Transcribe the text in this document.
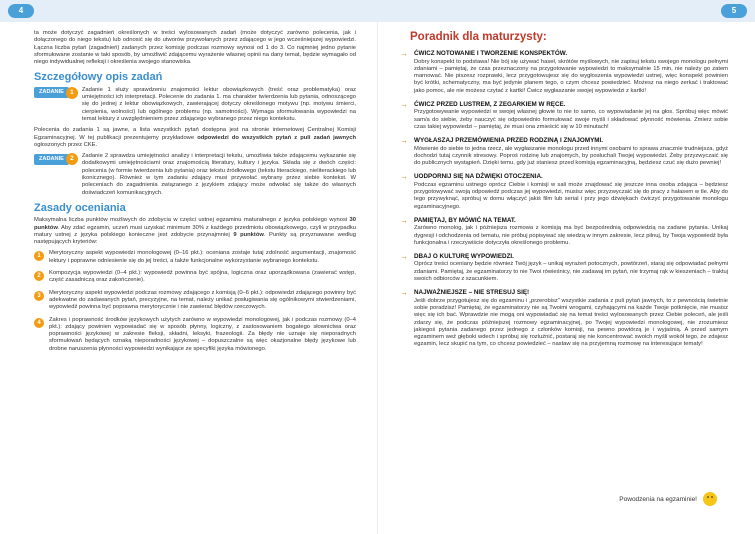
4	5

ta może dotyczyć zagadnień określonych w treści wylosowanych zadań (może dotyczyć zarówno polecenia, jak i dołączonego do niego tekstu) lub odnosić się do utworów przywołanych przez zdającego w jego wcześniejszej wypowiedzi. Łączna liczba pytań (zagadnień) zadanych przez komisję podczas rozmowy wynosi od 1 do 3. Co najmniej jedno pytanie sformułowane zostanie w taki sposób, by umożliwić zdającemu wyrażenie własnej opinii na dany temat, będzie wymagało od niego indywidualnej refleksji i określenia swojego stanowiska.

Szczegółowy opis zadań
ZADANIE 1	Zadanie 1 służy sprawdzeniu znajomości lektur obowiązkowych (treść oraz problematyka) oraz umiejętności ich interpretacji. Polecenie do zadania 1. ma charakter twierdzenia lub pytania, odnoszącego się do jednej z lektur obowiązkowych, zawierającej dotyczy określonego motywu (np. motywu śmierci, cierpienia, wolności) lub ogólnego problemu (np. samotności). Wymaga sformułowania wypowiedzi na temat lektury z uwzględnieniem przez zdającego wybranego przez niego kontekstu.

Polecenia do zadania 1 są jawne, a lista wszystkich pytań dostępna jest na stronie internetowej Centralnej Komisji Egzaminacyjnej. W tej publikacji prezentujemy przykładowe odpowiedzi do wszystkich pytań z puli zadań jawnych ogłoszonych przez CKE.

ZADANIE 2	Zadanie 2 sprawdza umiejętności analizy i interpretacji tekstu, umożliwia także zdającemu wykazanie się dodatkowymi umiejętnościami oraz znajomością literatury, kultury i języka. Składa się z dwóch części: polecenia (w formie twierdzenia lub pytania) oraz tekstu źródłowego (tekstu literackiego, nieliterackiego lub ikonicznego). Również w tym zadaniu zdający musi przywołać wybrany przez siebie kontekst. W poleceniach do zagadnienia związanego z językiem zdający może odwołać się także do własnych doświadczeń komunikacyjnych.
Zasady oceniania

Maksymalna liczba punktów możliwych do zdobycia w części ustnej egzaminu maturalnego z języka polskiego wynosi 30 punktów. Aby zdać egzamin, uczeń musi uzyskać minimum 30% z każdego przedmiotu obowiązkowego, czyli w przypadku matury ustnej z języka polskiego konieczne jest zdobycie przynajmniej 9 punktów. Punkty są przyznawane według następujących kryteriów:

1	Merytoryczny aspekt wypowiedzi monologowej (0–16 pkt.): oceniana zostaje tutaj zdolność argumentacji, znajomość lektury i poprawne odniesienie się do jej treści, a także funkcjonalne wykorzystanie wybranego kontekstu.
2	Kompozycja wypowiedzi (0–4 pkt.): wypowiedź powinna być spójna, logiczna oraz uporządkowana (zawierać wstęp, część zasadniczą oraz zakończenie).
3	Merytoryczny aspekt wypowiedzi podczas rozmowy zdającego z komisją (0–6 pkt.): odpowiedzi zdającego powinny być adekwatne do zadawanych pytań, precyzyjne, na temat, należy unikać posługiwania się ogólnikowymi stwierdzeniami, wypowiedź powinna być poprawna merytorycznie i nie zawierać błędów rzeczowych.
4	Zakres i poprawność środków językowych użytych zarówno w wypowiedzi monologowej, jak i podczas rozmowy (0–4 pkt.): zdający powinien wypowiadać się w sposób płynny, logiczny, z zastosowaniem bogatego słownictwa oraz poprawności językowej w zakresie fleksji, składni, leksyki, frazeologii. Za błędy nie uznaje się nieporadnych sformułowań będących oznaką nieporadności językowej – dopuszczalne są więc okazjonalne błędy językowe lub drobne naruszenia płynności wypowiedzi wynikające ze specyfiki języka mówionego.
Poradnik dla maturzysty:
→ ĆWICZ NOTOWANIE I TWORZENIE KONSPEKTÓW.
Dobry konspekt to podstawa! Nie bój się używać haseł, skrótów myślowych, nie zapisuj tekstu swojego monologu pełnymi zdaniami – pamiętaj, że czas przeznaczony na przygotowanie wypowiedzi to maksymalnie 15 min, nie należy go zatem marnować. Nie piszesz rozprawki, lecz przygotowujesz się do wygłoszenia wypowiedzi ustnej, więc konspekt powinien być krótki, schematyczny, ma być jedynie planem tego, o czym chcesz powiedzieć. Możesz na niego zerkać i traktować jako pomoc, ale nie możesz czytać z kartki! Ćwicz wygłaszanie swojej wypowiedzi z kartki!
→ ĆWICZ PRZED LUSTREM, Z ZEGARKIEM W RĘCE.
Przygotowywanie wypowiedzi w swojej własnej głowie to nie to samo, co wypowiadanie jej na głos. Spróbuj więc mówić sam/a do siebie, żeby nauczyć się odpowiednio formułować swoje myśli i składować płynność mówienia. Zmierz sobie czas takiej wypowiedzi – pamiętaj, że musi ona zmieścić się w 10 minutach!
→ WYGŁASZAJ PRZEMÓWIENIA PRZED RODZINĄ I ZNAJOMYMI.
Mówienie do siebie to jedna rzecz, ale wygłaszanie monologu przed innymi osobami to sprawa znacznie trudniejsza, gdyż dochodzi tutaj czynnik stresowy. Poproś rodzinę lub znajomych, by posłuchali Twojej wypowiedzi. Żeby przyzwyczaić się do publicznych wystąpień. Dzięki temu, gdy już staniesz przed komisją egzaminacyjną, będziesz czuć się dużo pewniej!
→ UODPORNIJ SIĘ NA DŹWIĘKI OTOCZENIA.
Podczas egzaminu ustnego oprócz Ciebie i komisji w sali może znajdować się jeszcze inna osoba zdająca – będziesz przygotowywać swoją odpowiedź podczas jej wypowiedzi, musisz więc przyzwyczaić się do pracy z hałasem w tle. Aby do tego przywyknąć, spróbuj w domu włączyć jakiś film lub serial i przy jego dźwiękach ćwiczyć przygotowanie monologu egzaminacyjnego.
→ PAMIĘTAJ, BY MÓWIĆ NA TEMAT.
Zarówno monolog, jak i późniejsza rozmowa z komisją ma być bezpośrednią odpowiedzią na zadane pytania. Unikaj dygresji i odchodzenia od tematu, nie próbuj popisywać się wiedzą w innym zakresie, lecz pilnuj, by Twoja wypowiedź była funkcjonalna i rzeczywiście dotyczyła określonego problemu.
→ DBAJ O KULTURĘ WYPOWIEDZI.
Oprócz treści oceniany będzie również Twój język – unikaj wyrażeń potocznych, powtórzeń, staraj się odpowiadać pełnymi zdaniami. Pamiętaj, że egzaminatorzy to nie Twoi rówieśnicy, nie zadawaj im pytań, nie trzymaj rąk w kieszeniach – traktuj swoich odbiorców z szacunkiem.
→ NAJWAŻNIEJSZE – NIE STRESUJ SIĘ!
Jeśli dobrze przygotujesz się do egzaminu i „przerobisz” wszystkie zadania z puli pytań jawnych, to z pewnością świetnie sobie poradzisz! Pamiętaj, że egzaminatorzy nie są Twoimi wrogami, czyhającymi na każde Twoje potknięcie, nie musisz więc się ich bać. Wprawdzie nie mogą oni wypowiadać się na temat treści wylosowanych przez Ciebie poleceń, ale jeśli zdarzy się, że podczas późniejszej rozmowy egzaminacyjnej, po Twojej wypowiedzi monologowej, nie zrozumiesz jakiegoś pytania zadanego przez jednego z członków komisji, na pewno powtórzą je i wyjaśnią. A przed samym egzaminem weź głęboki wdech i spróbuj się rozluźnić, postaraj się nie koncentrować swoich myśli wokół tego, że zdajesz egzamin, lecz skupić na tym, co chcesz powiedzieć – nastaw się na przyjemną rozmowę na interesujące tematy!
Powodzenia na egzaminie!
